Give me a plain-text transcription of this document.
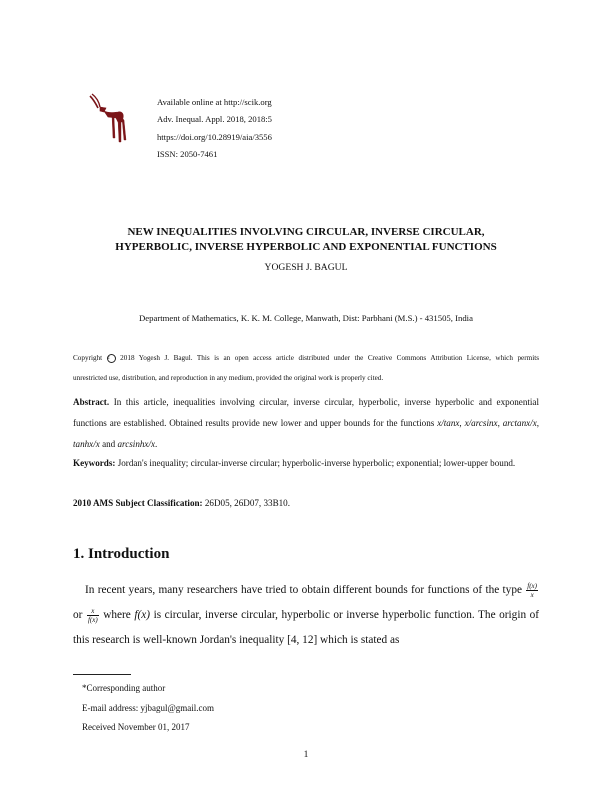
Available online at http://scik.org
Adv. Inequal. Appl. 2018, 2018:5
https://doi.org/10.28919/aia/3556
ISSN: 2050-7461
NEW INEQUALITIES INVOLVING CIRCULAR, INVERSE CIRCULAR,
HYPERBOLIC, INVERSE HYPERBOLIC AND EXPONENTIAL FUNCTIONS
YOGESH J. BAGUL
Department of Mathematics, K. K. M. College, Manwath, Dist: Parbhani (M.S.) - 431505, India
Copyright c 2018 Yogesh J. Bagul. This is an open access article distributed under the Creative Commons Attribution License, which permits
unrestricted use, distribution, and reproduction in any medium, provided the original work is properly cited.
Abstract. In this article, inequalities involving circular, inverse circular, hyperbolic, inverse hyperbolic and exponential functions are established. Obtained results provide new lower and upper bounds for the functions x/tanx, x/arcsinx, arctanx/x, tanhx/x and arcsinhx/x.
Keywords: Jordan's inequality; circular-inverse circular; hyperbolic-inverse hyperbolic; exponential; lower-upper bound.
2010 AMS Subject Classification: 26D05, 26D07, 33B10.
1. Introduction
In recent years, many researchers have tried to obtain different bounds for functions of the type $\frac{f(x)}{x}$
or $\frac{x}{f(x)}$ where f(x) is circular, inverse circular, hyperbolic or inverse hyperbolic function. The origin of this research is well-known Jordan's inequality [4, 12] which is stated as
*Corresponding author
E-mail address: yjbagul@gmail.com
Received November 01, 2017
1
